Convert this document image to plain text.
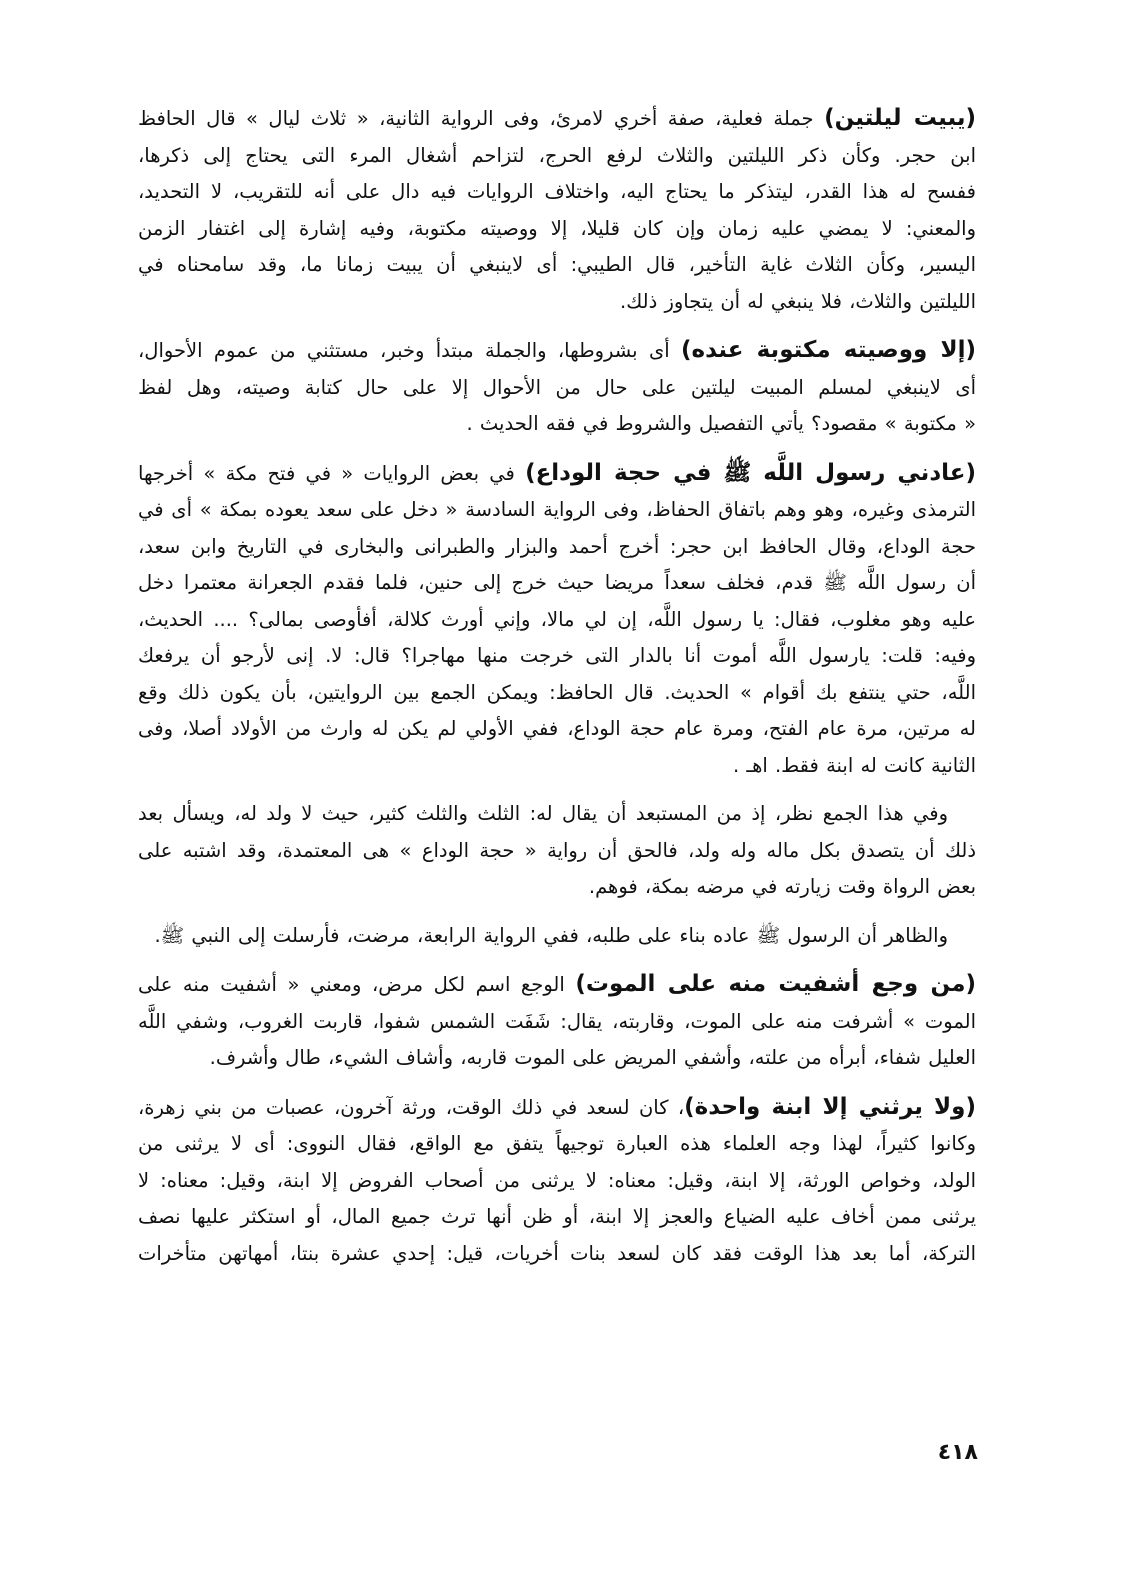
(يبيت ليلتين) جملة فعلية، صفة أخري لامرئ، وفى الرواية الثانية، « ثلاث ليال » قال الحافظ
ابن حجر. وكأن ذكر الليلتين والثلاث لرفع الحرج، لتزاحم أشغال المرء التى يحتاج إلى ذكرها،
ففسح له هذا القدر، ليتذكر ما يحتاج اليه، واختلاف الروايات فيه دال على أنه للتقريب، لا التحديد،
والمعني: لا يمضي عليه زمان وإن كان قليلا، إلا ووصيته مكتوبة، وفيه إشارة إلى اغتفار الزمن
اليسير، وكأن الثلاث غاية التأخير، قال الطيبي: أى لاينبغي أن يبيت زمانا ما، وقد سامحناه في
الليلتين والثلاث، فلا ينبغي له أن يتجاوز ذلك.

(إلا ووصيته مكتوبة عنده) أى بشروطها، والجملة مبتدأ وخبر، مستثني من عموم الأحوال،
أى لاينبغي لمسلم المبيت ليلتين على حال من الأحوال إلا على حال كتابة وصيته، وهل لفظ
« مكتوبة » مقصود؟ يأتي التفصيل والشروط في فقه الحديث .

(عادني رسول اللَّه ﷺ في حجة الوداع) في بعض الروايات « في فتح مكة » أخرجها
الترمذى وغيره، وهو وهم باتفاق الحفاظ، وفى الرواية السادسة « دخل على سعد يعوده بمكة » أى في
حجة الوداع، وقال الحافظ ابن حجر: أخرج أحمد والبزار والطبرانى والبخارى في التاريخ وابن سعد،
أن رسول اللَّه ﷺ قدم، فخلف سعداً مريضا حيث خرج إلى حنين، فلما فقدم الجعرانة معتمرا دخل
عليه وهو مغلوب، فقال: يا رسول اللَّه، إن لي مالا، وإني أورث كلالة، أفأوصى بمالى؟ .... الحديث،
وفيه: قلت: يارسول اللَّه أموت أنا بالدار التى خرجت منها مهاجرا؟ قال: لا. إنى لأرجو أن يرفعك
اللَّه، حتي ينتفع بك أقوام » الحديث. قال الحافظ: ويمكن الجمع بين الروايتين، بأن يكون ذلك وقع
له مرتين، مرة عام الفتح، ومرة عام حجة الوداع، ففي الأولي لم يكن له وارث من الأولاد أصلا، وفى
الثانية كانت له ابنة فقط. اهـ .

وفي هذا الجمع نظر، إذ من المستبعد أن يقال له: الثلث والثلث كثير، حيث لا ولد له، ويسأل بعد
ذلك أن يتصدق بكل ماله وله ولد، فالحق أن رواية « حجة الوداع » هى المعتمدة، وقد اشتبه على
بعض الرواة وقت زيارته في مرضه بمكة، فوهم.

والظاهر أن الرسول ﷺ عاده بناء على طلبه، ففي الرواية الرابعة، مرضت، فأرسلت إلى النبي ﷺ.

(من وجع أشفيت منه على الموت) الوجع اسم لكل مرض، ومعني « أشفيت منه على
الموت » أشرفت منه على الموت، وقاربته، يقال: شَفَت الشمس شفوا، قاربت الغروب، وشفي اللَّه
العليل شفاء، أبرأه من علته، وأشفي المريض على الموت قاربه، وأشاف الشيء، طال وأشرف.

(ولا يرثني إلا ابنة واحدة)، كان لسعد في ذلك الوقت، ورثة آخرون، عصبات من بني زهرة،
وكانوا كثيراً، لهذا وجه العلماء هذه العبارة توجيهاً يتفق مع الواقع، فقال النووى: أى لا يرثنى من
الولد، وخواص الورثة، إلا ابنة، وقيل: معناه: لا يرثنى من أصحاب الفروض إلا ابنة، وقيل: معناه: لا
يرثنى ممن أخاف عليه الضياع والعجز إلا ابنة، أو ظن أنها ترث جميع المال، أو استكثر عليها نصف
التركة، أما بعد هذا الوقت فقد كان لسعد بنات أخريات، قيل: إحدي عشرة بنتا، أمهاتهن متأخرات

٤١٨
